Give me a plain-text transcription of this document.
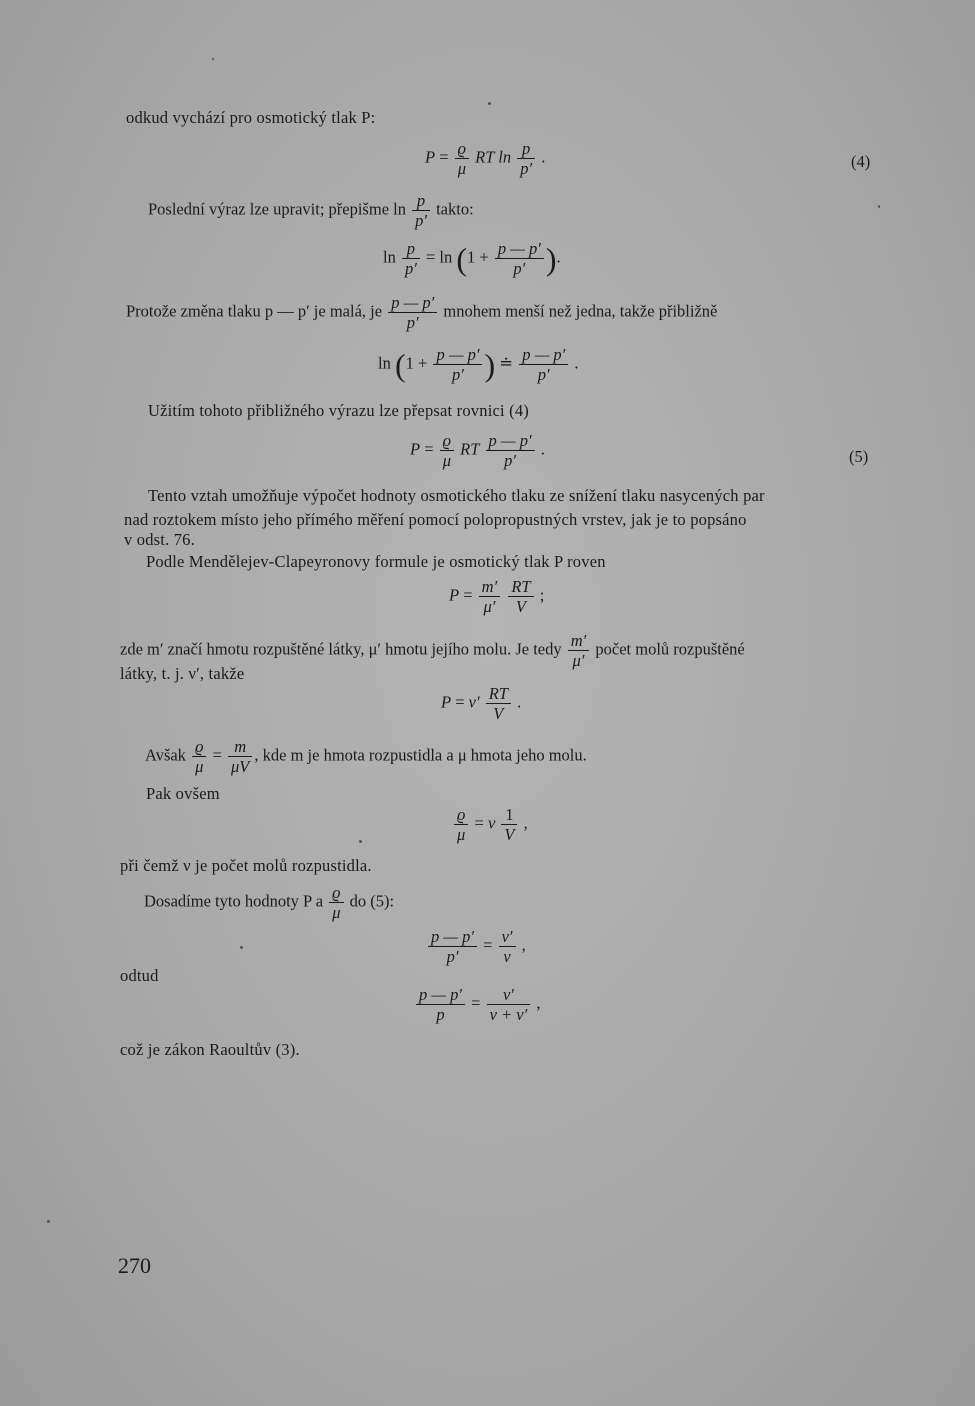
odkud vychází pro osmotický tlak P:
$P = \frac{ϱ}{\mu}$ RT $\ln \frac{p}{p'}$ .	(4)
Poslední výraz lze upravit; přepišme $\ln \frac{p}{p'}$ takto:
$\ln \frac{p}{p'} = \ln (1 + \frac{p — p'}{p'}$ ).
Protože změna tlaku p — p′ je malá, je $\frac{p — p'}{p'}$ mnohem menší než jedna, takže přibližně
$\ln (1 + \frac{p — p'}{p'}$ ) ≐ $\frac{p — p'}{p'}$ .
Užitím tohoto přibližného výrazu lze přepsat rovnici (4)
$P = \frac{ϱ}{\mu}$ RT $\frac{p — p'}{p'}$ .	(5)
Tento vztah umožňuje výpočet hodnoty osmotického tlaku ze snížení tlaku nasycených par
nad roztokem místo jeho přímého měření pomocí polopropustných vrstev, jak je to popsáno
v odst. 76.
Podle Mendělejev-Clapeyronovy formule je osmotický tlak P roven
$P = \frac{m'}{\mu'}$
$\frac{RT}{V}$ ;
zde m′ značí hmotu rozpuštěné látky, μ′ hmotu jejího molu. Je tedy $\frac{m'}{\mu'}$ počet molů rozpuštěné
látky, t. j. ν′, takže
$P = \nu' \frac{RT}{V}$ .
Avšak $\frac{ϱ}{\mu} = \frac{m}{\mu V}$ , kde m je hmota rozpustidla a μ hmota jeho molu.
Pak ovšem
$\frac{ϱ}{\mu} = \nu \frac{1}{V}$ ,
při čemž ν je počet molů rozpustidla.
Dosadíme tyto hodnoty P a $\frac{ϱ}{\mu}$ do (5):
$\frac{p — p'}{p'} = \frac{\nu'}{\nu}$ ,
odtud
$\frac{p — p'}{p} = \frac{\nu'}{\nu + \nu'}$ ,
což je zákon Raoultův (3).
270
